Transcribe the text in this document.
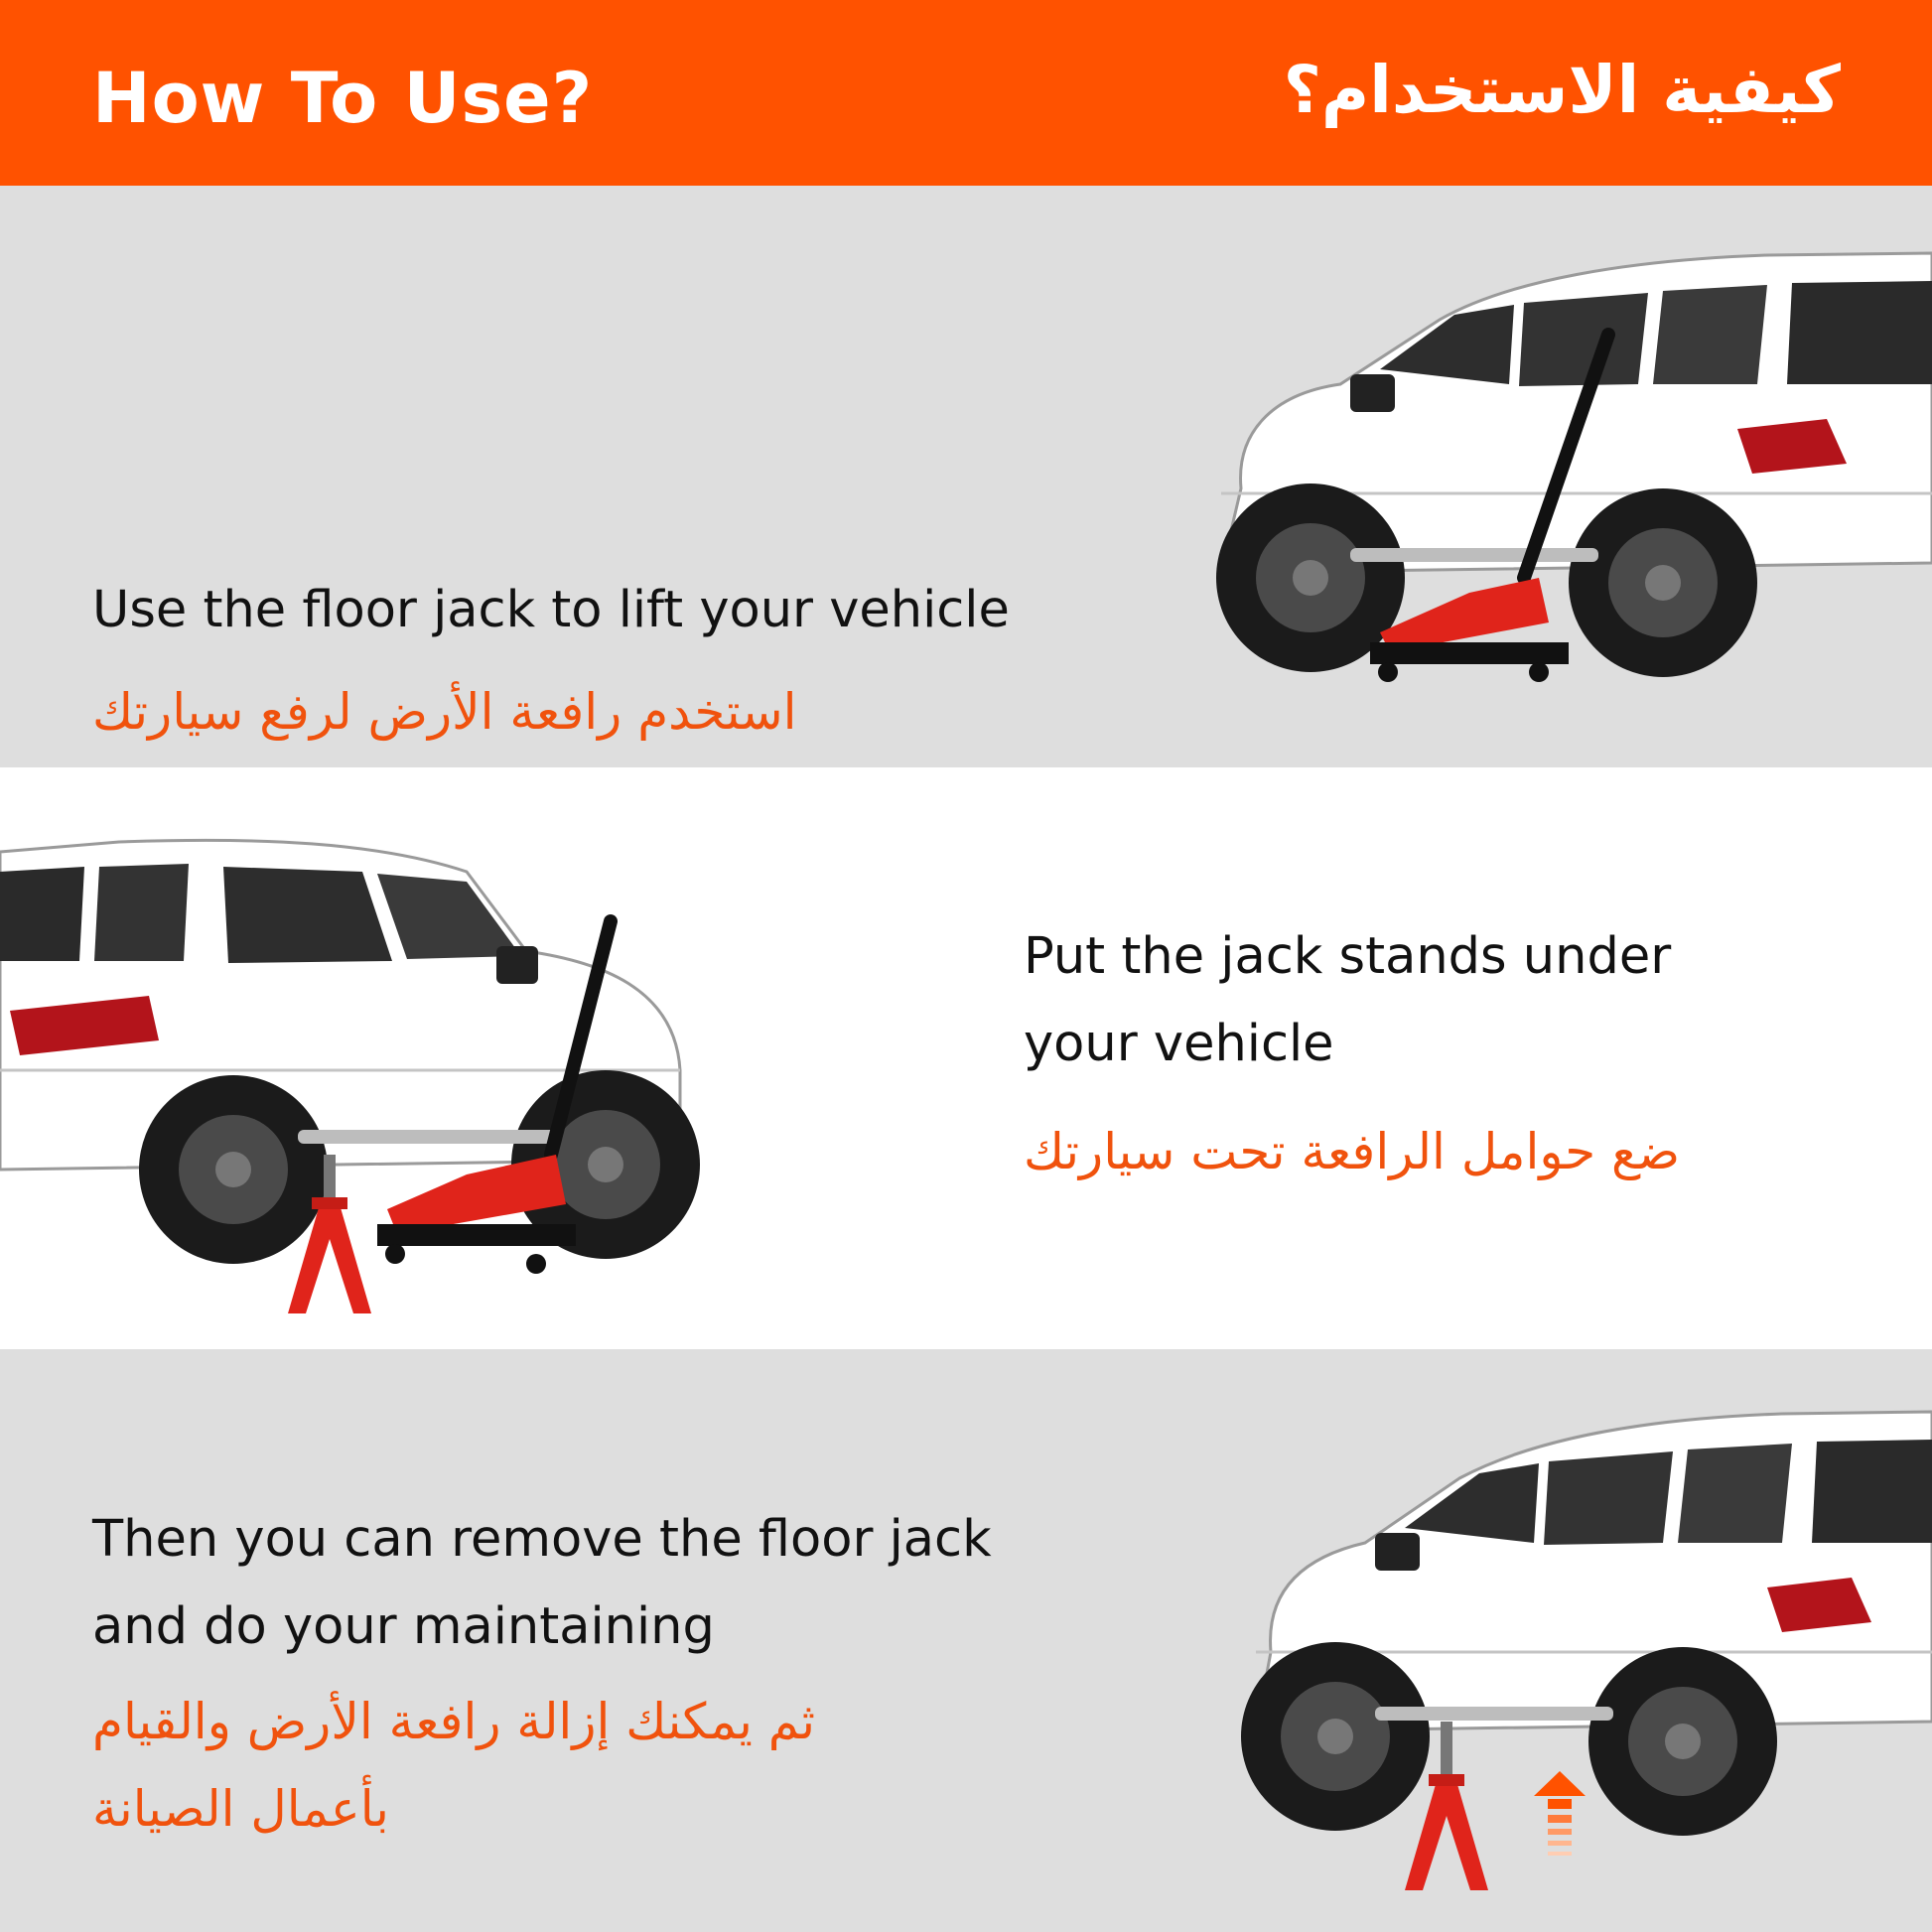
How To Use?	كيفية الاستخدام؟
Use the floor jack to lift your vehicle
استخدم رافعة الأرض لرفع سيارتك
Put the jack stands under
your vehicle
ضع حوامل الرافعة تحت سيارتك
Then you can remove the floor jack
and do your maintaining
ثم يمكنك إزالة رافعة الأرض والقيام
بأعمال الصيانة
